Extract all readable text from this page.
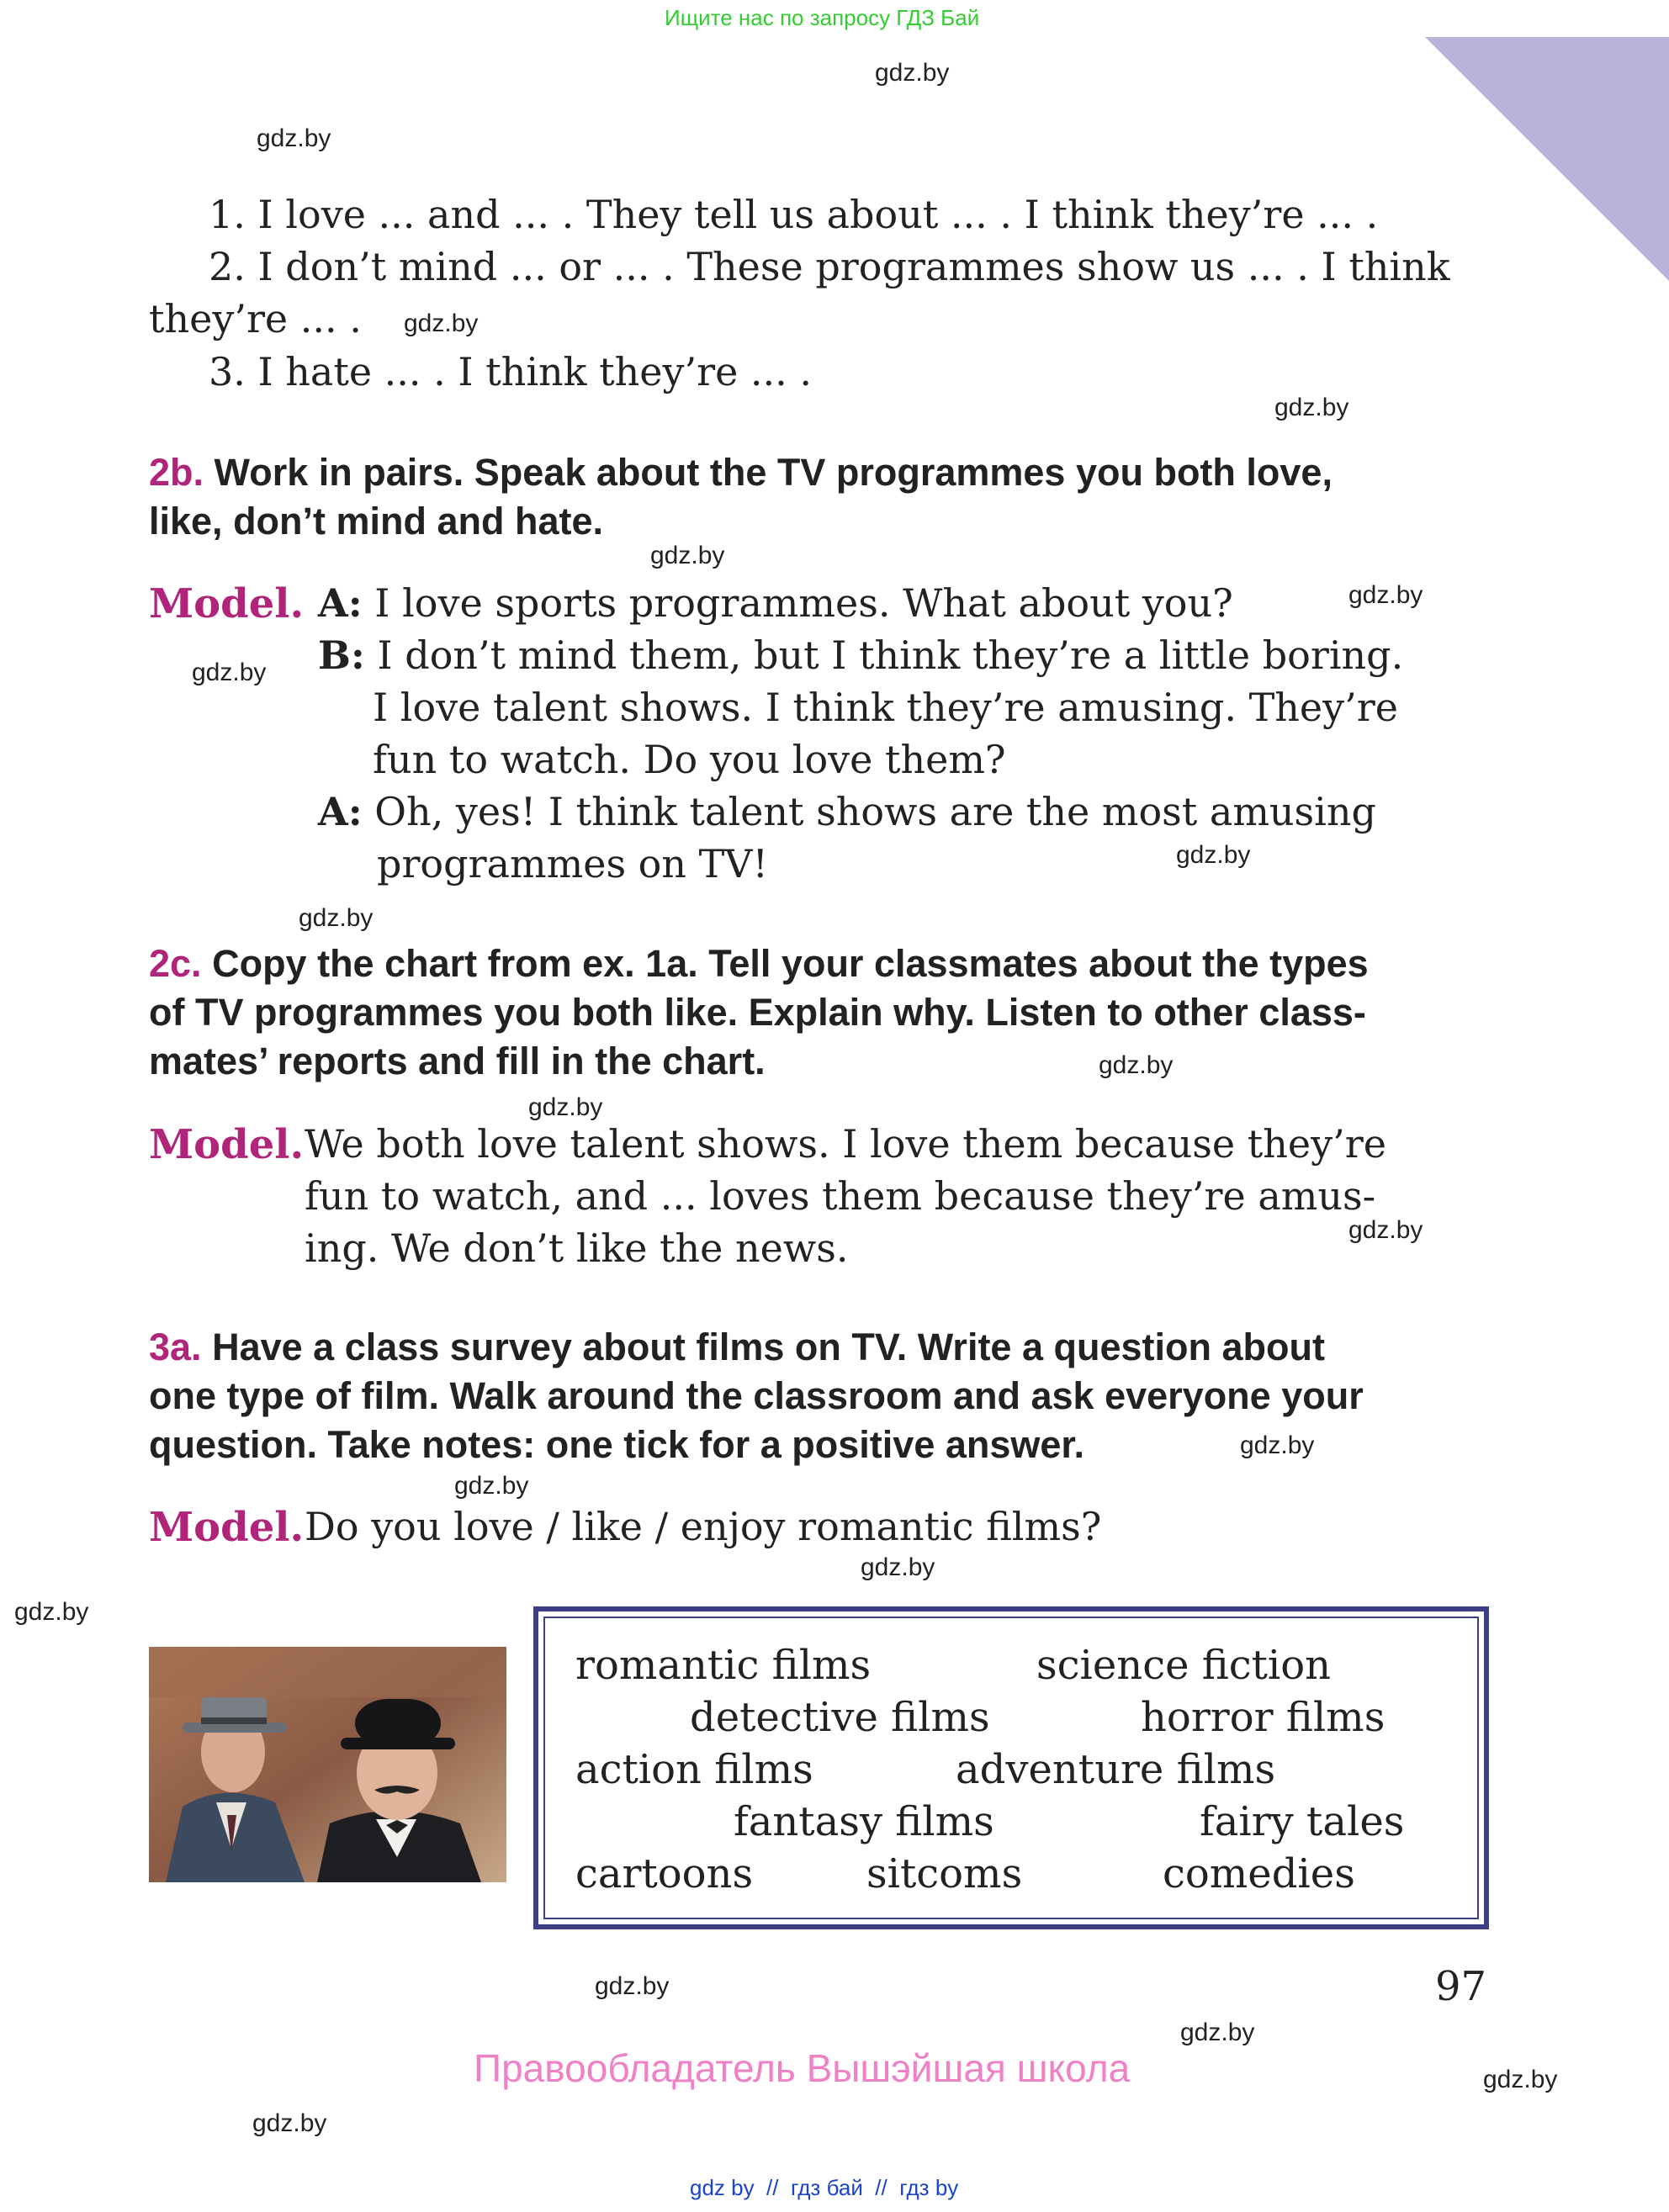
Ищите нас по запросу ГДЗ Бай
gdz.by
gdz.by
gdz.by
gdz.by
gdz.by
gdz.by
gdz.by
gdz.by
gdz.by
gdz.by
gdz.by
gdz.by
gdz.by
gdz.by
gdz.by
gdz.by
gdz.by
gdz.by
gdz.by
gdz.by
1. I love ... and ... . They tell us about ... . I think they’re ... .
2. I don’t mind ... or ... . These programmes show us ... . I think
they’re ... .
3. I hate ... . I think they’re ... .
2b. Work in pairs. Speak about the TV programmes you both love,
like, don’t mind and hate.
Model. A: I love sports programmes. What about you?
B: I don’t mind them, but I think they’re a little boring.
I love talent shows. I think they’re amusing. They’re
fun to watch. Do you love them?
A: Oh, yes! I think talent shows are the most amusing
programmes on TV!
2c. Copy the chart from ex. 1a. Tell your classmates about the types
of TV programmes you both like. Explain why. Listen to other class-
mates’ reports and fill in the chart.
Model. We both love talent shows. I love them because they’re
fun to watch, and ... loves them because they’re amus-
ing. We don’t like the news.
3a. Have a class survey about films on TV. Write a question about
one type of film. Walk around the classroom and ask everyone your
question. Take notes: one tick for a positive answer.
Model. Do you love / like / enjoy romantic films?
romantic films	science fiction
detective films	horror films
action films	adventure films
fantasy films	fairy tales
cartoons	sitcoms	comedies
97
Правообладатель Вышэйшая школа
gdz by  //  гдз бай  //  гдз by
